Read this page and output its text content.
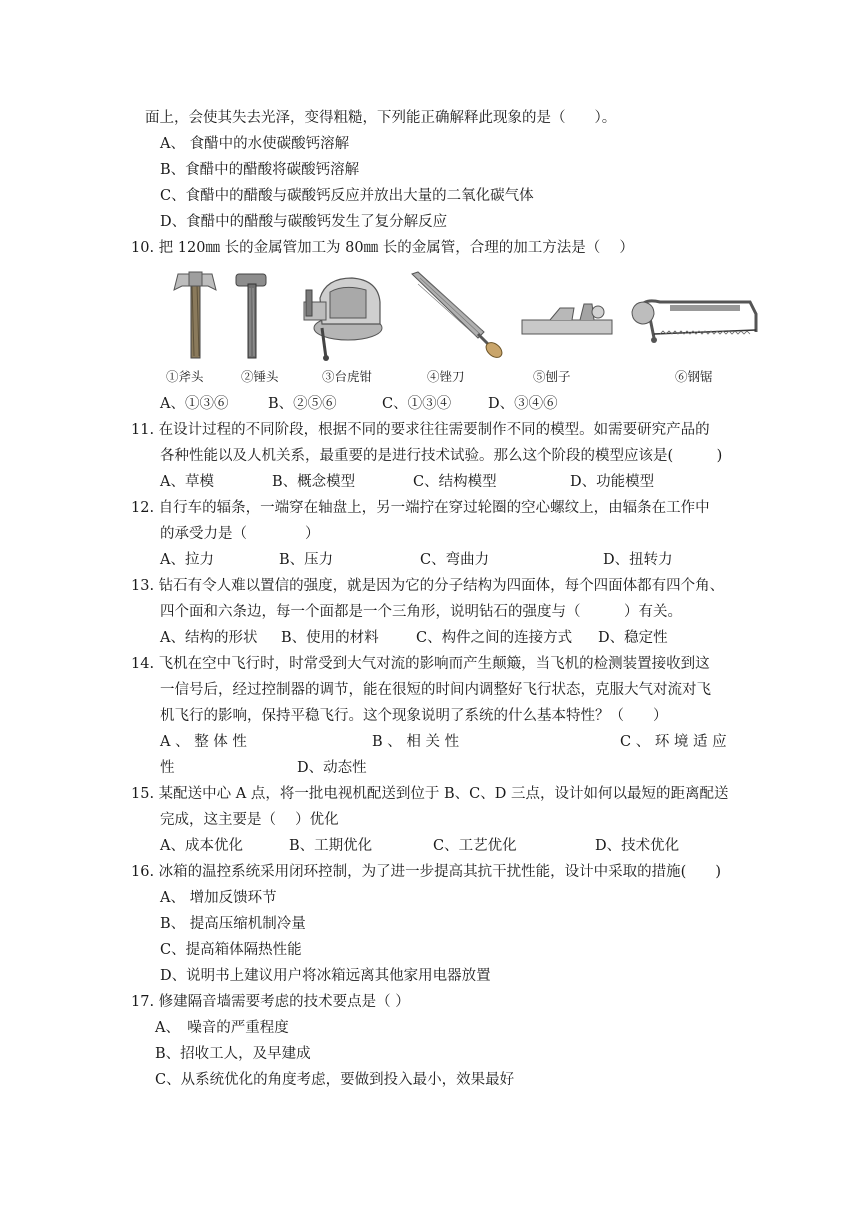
面上，会使其失去光泽，变得粗糙，下列能正确解释此现象的是（　　）。
A、 食醋中的水使碳酸钙溶解
B、食醋中的醋酸将碳酸钙溶解
C、食醋中的醋酸与碳酸钙反应并放出大量的二氧化碳气体
D、食醋中的醋酸与碳酸钙发生了复分解反应
10. 把 120㎜ 长的金属管加工为 80㎜ 长的金属管，合理的加工方法是（　 ）
①斧头	②锤头	③台虎钳	④锉刀	⑤刨子	⑥钢锯
A、①③⑥	B、②⑤⑥	C、①③④	D、③④⑥
11. 在设计过程的不同阶段，根据不同的要求往往需要制作不同的模型。如需要研究产品的
各种性能以及人机关系，最重要的是进行技术试验。那么这个阶段的模型应该是(　　　)
A、草模	B、概念模型	C、结构模型	D、功能模型
12. 自行车的辐条，一端穿在轴盘上，另一端拧在穿过轮圈的空心螺纹上，由辐条在工作中
的承受力是（　　　　）
A、拉力	B、压力	C、弯曲力	D、扭转力
13. 钻石有令人难以置信的强度，就是因为它的分子结构为四面体，每个四面体都有四个角、
四个面和六条边，每一个面都是一个三角形，说明钻石的强度与（　　　）有关。
A、结构的形状 B、使用的材料	C、构件之间的连接方式 D、稳定性
14. 飞机在空中飞行时，时常受到大气对流的影响而产生颠簸，当飞机的检测装置接收到这
一信号后，经过控制器的调节，能在很短的时间内调整好飞行状态，克服大气对流对飞
机飞行的影响，保持平稳飞行。这个现象说明了系统的什么基本特性？（　　）
A 、 整 体 性	B 、 相 关 性	C 、 环 境 适 应
性	D、动态性
15. 某配送中心 A 点，将一批电视机配送到位于 B、C、D 三点，设计如何以最短的距离配送
完成，这主要是（　 ）优化
A、成本优化	B、工期优化	C、工艺优化	D、技术优化
16. 冰箱的温控系统采用闭环控制，为了进一步提高其抗干扰性能，设计中采取的措施(　　)
A、 增加反馈环节
B、 提高压缩机制冷量
C、提高箱体隔热性能
D、说明书上建议用户将冰箱远离其他家用电器放置
17. 修建隔音墙需要考虑的技术要点是（ ）
A、　噪音的严重程度
B、招收工人，及早建成
C、从系统优化的角度考虑，要做到投入最小，效果最好
